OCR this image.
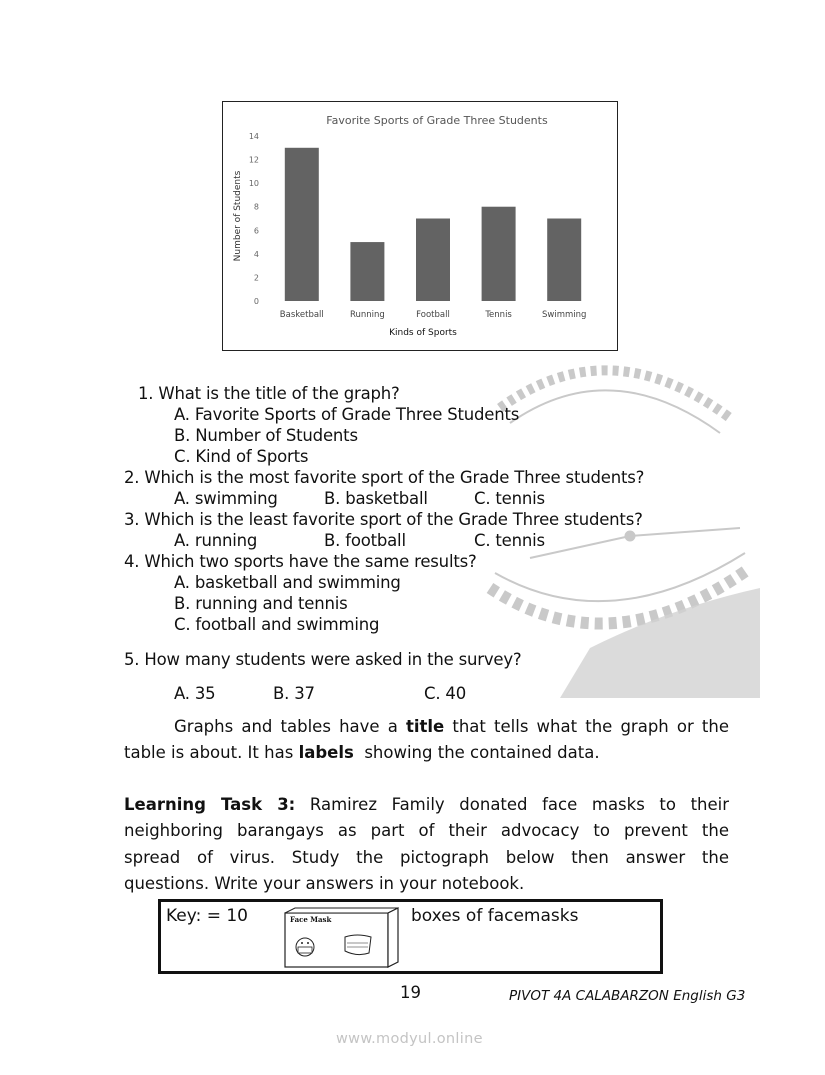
Favorite Sports of Grade Three Students
Number of Students
Kinds of Sports
0
2
4
6
8
10
12
14
Basketball	Running	Football	Tennis	Swimming
1. What is the title of the graph?
A. Favorite Sports of Grade Three Students
B. Number of Students
C. Kind of Sports
2. Which is the most favorite sport of the Grade Three students?
A. swimming	B. basketball	C. tennis
3. Which is the least favorite sport of the Grade Three students?
A. running	B. football	C. tennis
4. Which two sports have the same results?
A. basketball and swimming
B. running and tennis
C. football and swimming
5. How many students were asked in the survey?
A. 35	B. 37	C. 40
Graphs and tables have a title that tells what the graph or the
table is about. It has labels  showing the contained data.
Learning Task 3: Ramirez Family donated face masks to their
neighboring barangays as part of their advocacy to prevent the
spread of virus. Study the pictograph below then answer the
questions. Write your answers in your notebook.
Key: = 10	Face Mask	boxes of facemasks
19	PIVOT 4A CALABARZON English G3
www.modyul.online
